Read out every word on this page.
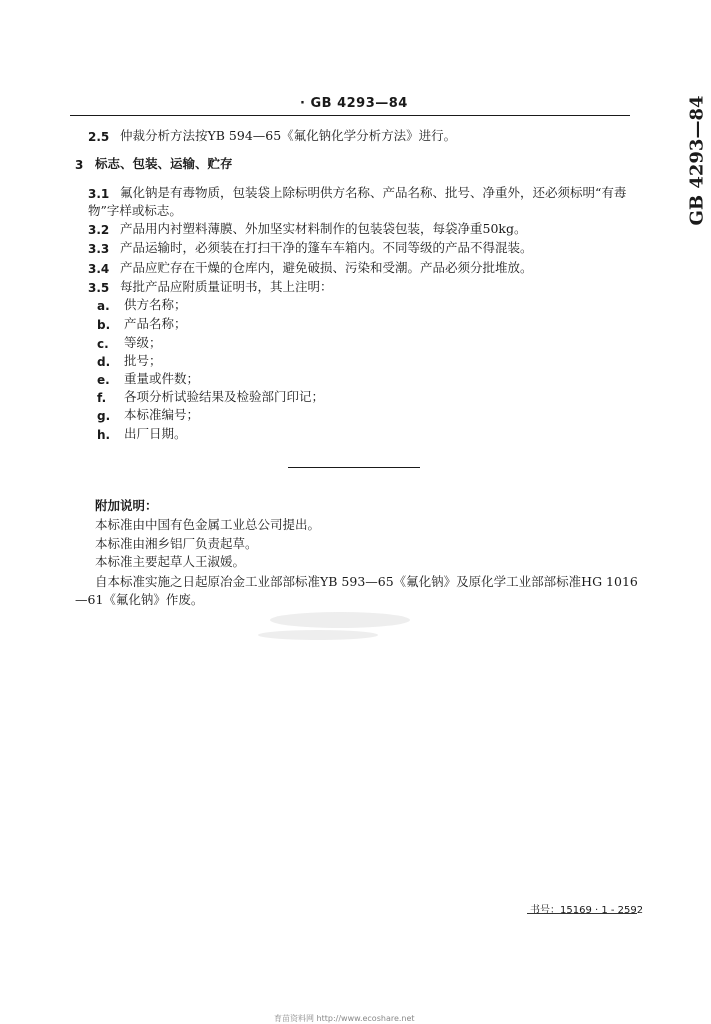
· GB 4293—84	GB 4293—84
2.5 仲裁分析方法按YB 594—65《氟化钠化学分析方法》进行。
3 标志、包装、运输、贮存
3.1 氟化钠是有毒物质，包装袋上除标明供方名称、产品名称、批号、净重外，还必须标明“有毒
物”字样或标志。
3.2 产品用内衬塑料薄膜、外加坚实材料制作的包装袋包装，每袋净重50kg。
3.3 产品运输时，必须装在打扫干净的篷车车箱内。不同等级的产品不得混装。
3.4 产品应贮存在干燥的仓库内，避免破损、污染和受潮。产品必须分批堆放。
3.5 每批产品应附质量证明书，其上注明：
a. 供方名称；
b. 产品名称；
c. 等级；
d. 批号；
e. 重量或件数；
f. 各项分析试验结果及检验部门印记；
g. 本标准编号；
h. 出厂日期。
附加说明：
本标准由中国有色金属工业总公司提出。
本标准由湘乡铝厂负责起草。
本标准主要起草人王淑媛。
自本标准实施之日起原冶金工业部部标准YB 593—65《氟化钠》及原化学工业部部标准HG 1016
—61《氟化钠》作废。
书号：15169 · 1 - 2592
育苗资料网 http://www.ecoshare.net
